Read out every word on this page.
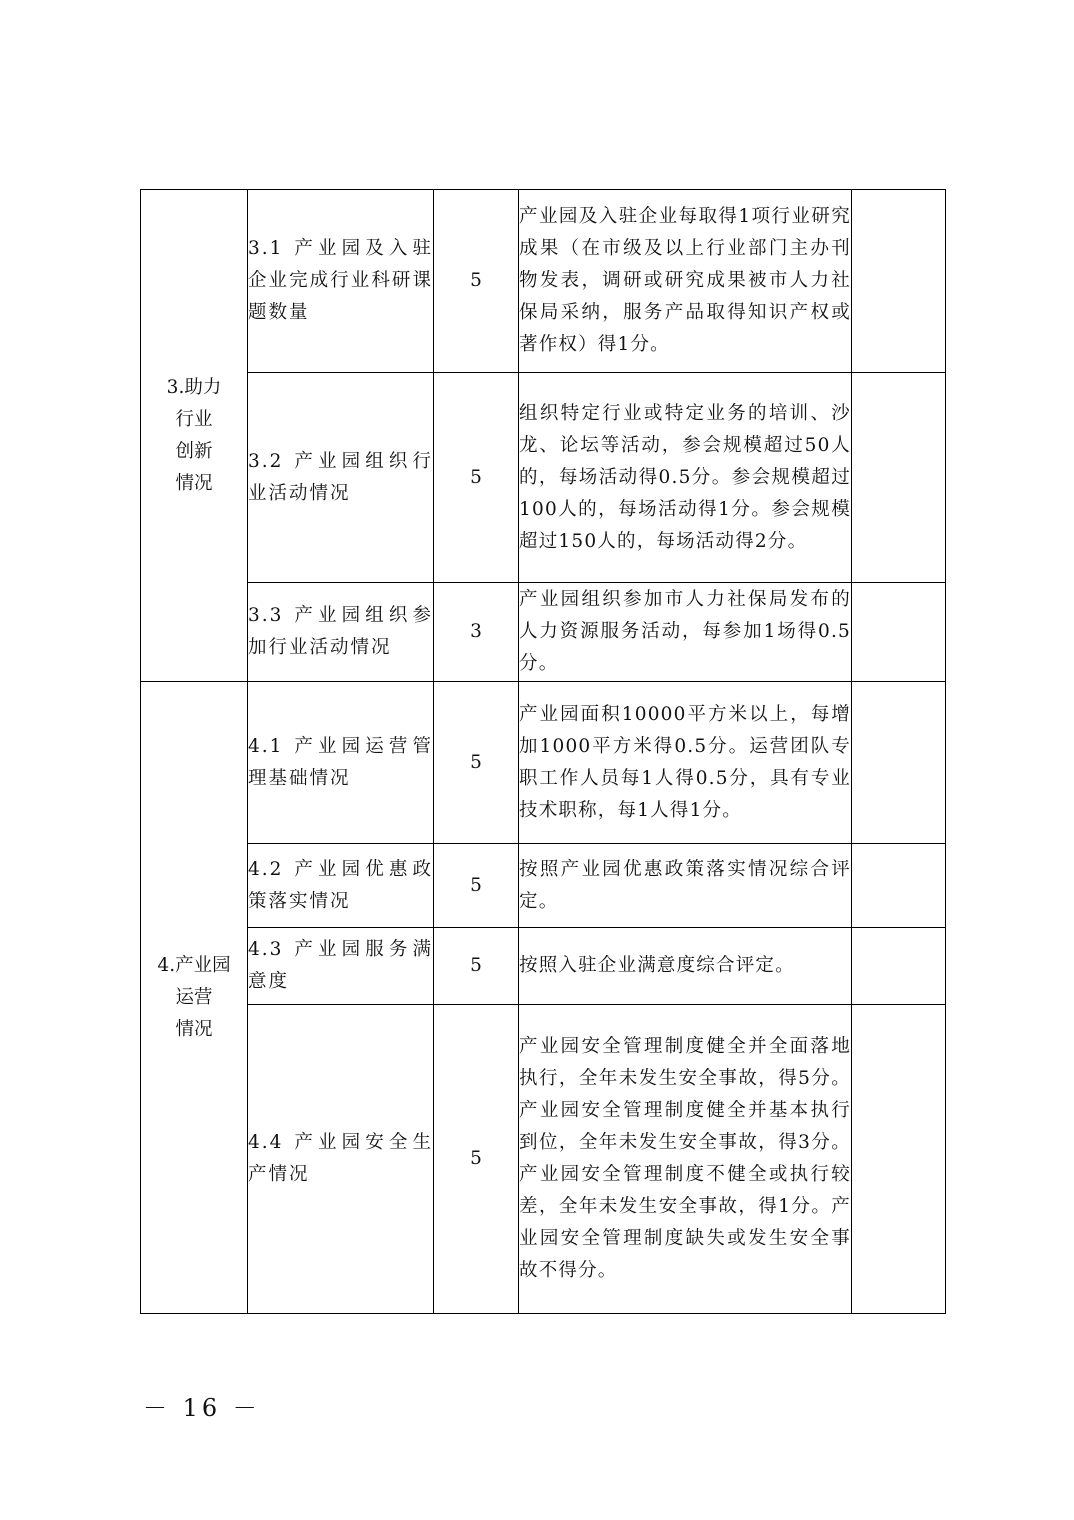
3.助力
行业
创新
情况	3.1 产业园及入驻企业完成行业科研课题数量	5	产业园及入驻企业每取得1项行业研究成果（在市级及以上行业部门主办刊物发表，调研或研究成果被市人力社保局采纳，服务产品取得知识产权或著作权）得1分。	

	3.2 产业园组织行业活动情况	5	组织特定行业或特定业务的培训、沙龙、论坛等活动，参会规模超过50人的，每场活动得0.5分。参会规模超过100人的，每场活动得1分。参会规模超过150人的，每场活动得2分。	

	3.3 产业园组织参加行业活动情况	3	产业园组织参加市人力社保局发布的人力资源服务活动，每参加1场得0.5分。	

4.产业园
运营
情况	4.1 产业园运营管理基础情况	5	产业园面积10000平方米以上，每增加1000平方米得0.5分。运营团队专职工作人员每1人得0.5分，具有专业技术职称，每1人得1分。	

	4.2 产业园优惠政策落实情况	5	按照产业园优惠政策落实情况综合评定。	

	4.3 产业园服务满意度	5	按照入驻企业满意度综合评定。	

	4.4 产业园安全生产情况	5	产业园安全管理制度健全并全面落地执行，全年未发生安全事故，得5分。产业园安全管理制度健全并基本执行到位，全年未发生安全事故，得3分。产业园安全管理制度不健全或执行较差，全年未发生安全事故，得1分。产业园安全管理制度缺失或发生安全事故不得分。	

－ 16 －
